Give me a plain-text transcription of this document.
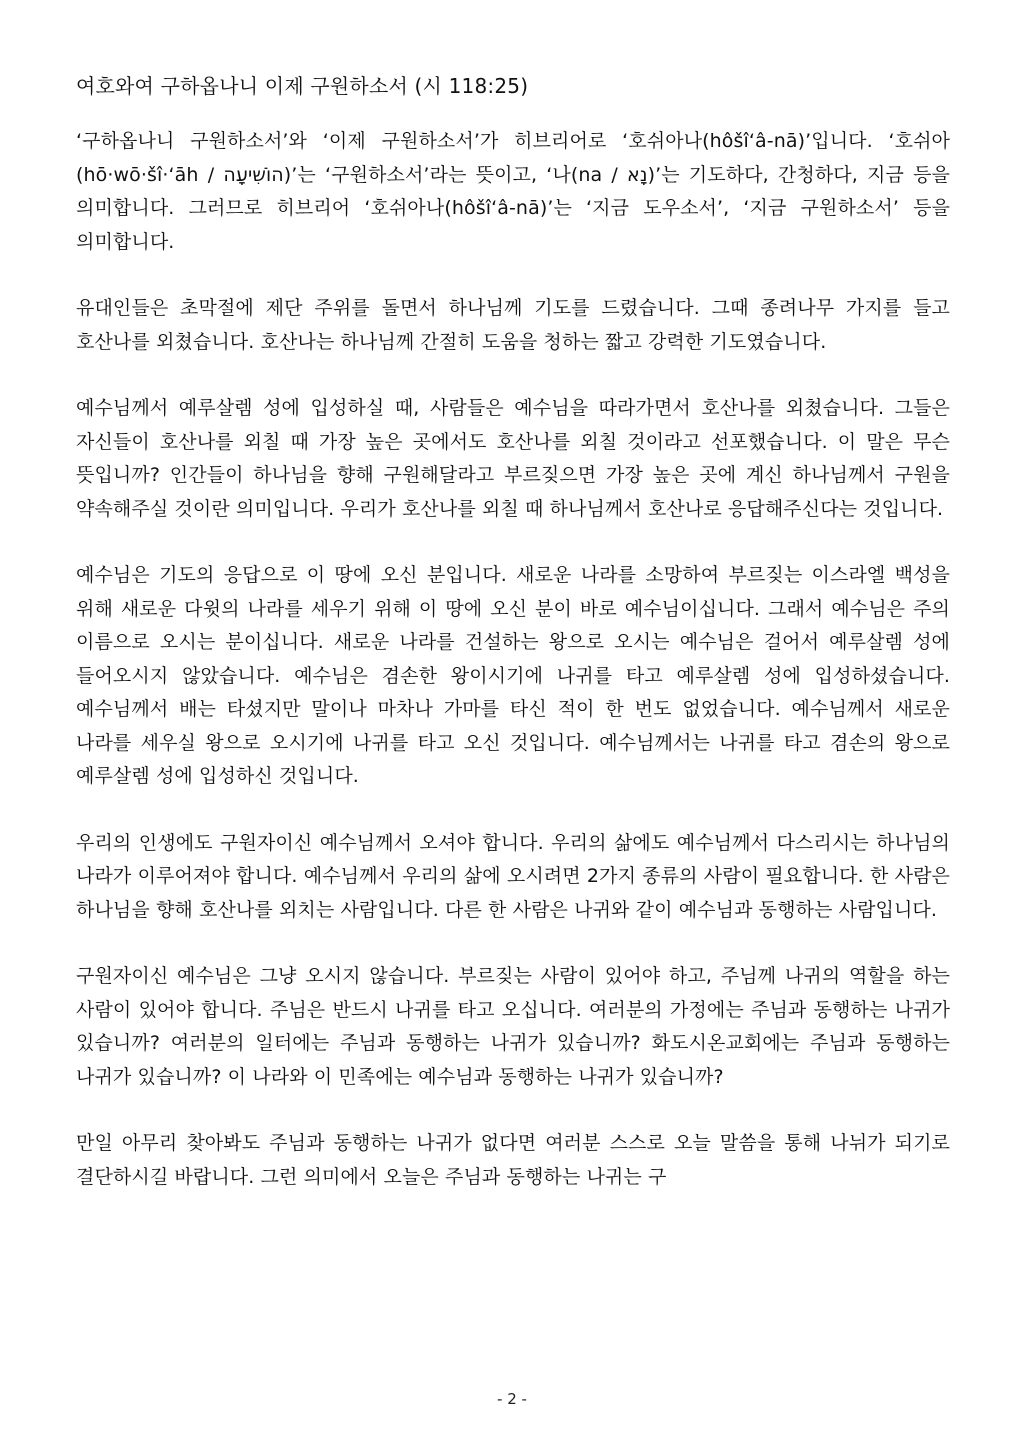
여호와여 구하옵나니 이제 구원하소서 (시 118:25)

‘구하옵나니 구원하소서’와 ‘이제 구원하소서’가 히브리어로 ‘호쉬아나(hôšî‘â-nā)’입니다. ‘호쉬아(hō·wō·šî·‘āh / הוֹשִׁיעָה)’는 ‘구원하소서’라는 뜻이고, ‘나(na / נָא)’는 기도하다, 간청하다, 지금 등을 의미합니다. 그러므로 히브리어 ‘호쉬아나(hôšî‘â-nā)’는 ‘지금 도우소서’, ‘지금 구원하소서’ 등을 의미합니다.

유대인들은 초막절에 제단 주위를 돌면서 하나님께 기도를 드렸습니다. 그때 종려나무 가지를 들고 호산나를 외쳤습니다. 호산나는 하나님께 간절히 도움을 청하는 짧고 강력한 기도였습니다.

예수님께서 예루살렘 성에 입성하실 때, 사람들은 예수님을 따라가면서 호산나를 외쳤습니다. 그들은 자신들이 호산나를 외칠 때 가장 높은 곳에서도 호산나를 외칠 것이라고 선포했습니다. 이 말은 무슨 뜻입니까? 인간들이 하나님을 향해 구원해달라고 부르짖으면 가장 높은 곳에 계신 하나님께서 구원을 약속해주실 것이란 의미입니다. 우리가 호산나를 외칠 때 하나님께서 호산나로 응답해주신다는 것입니다.

예수님은 기도의 응답으로 이 땅에 오신 분입니다. 새로운 나라를 소망하여 부르짖는 이스라엘 백성을 위해 새로운 다윗의 나라를 세우기 위해 이 땅에 오신 분이 바로 예수님이십니다. 그래서 예수님은 주의 이름으로 오시는 분이십니다. 새로운 나라를 건설하는 왕으로 오시는 예수님은 걸어서 예루살렘 성에 들어오시지 않았습니다. 예수님은 겸손한 왕이시기에 나귀를 타고 예루살렘 성에 입성하셨습니다. 예수님께서 배는 타셨지만 말이나 마차나 가마를 타신 적이 한 번도 없었습니다. 예수님께서 새로운 나라를 세우실 왕으로 오시기에 나귀를 타고 오신 것입니다. 예수님께서는 나귀를 타고 겸손의 왕으로 예루살렘 성에 입성하신 것입니다.

우리의 인생에도 구원자이신 예수님께서 오셔야 합니다. 우리의 삶에도 예수님께서 다스리시는 하나님의 나라가 이루어져야 합니다. 예수님께서 우리의 삶에 오시려면 2가지 종류의 사람이 필요합니다. 한 사람은 하나님을 향해 호산나를 외치는 사람입니다. 다른 한 사람은 나귀와 같이 예수님과 동행하는 사람입니다.

구원자이신 예수님은 그냥 오시지 않습니다. 부르짖는 사람이 있어야 하고, 주님께 나귀의 역할을 하는 사람이 있어야 합니다. 주님은 반드시 나귀를 타고 오십니다. 여러분의 가정에는 주님과 동행하는 나귀가 있습니까? 여러분의 일터에는 주님과 동행하는 나귀가 있습니까? 화도시온교회에는 주님과 동행하는 나귀가 있습니까? 이 나라와 이 민족에는 예수님과 동행하는 나귀가 있습니까?

만일 아무리 찾아봐도 주님과 동행하는 나귀가 없다면 여러분 스스로 오늘 말씀을 통해 나뉘가 되기로 결단하시길 바랍니다. 그런 의미에서 오늘은 주님과 동행하는 나귀는 구

- 2 -
